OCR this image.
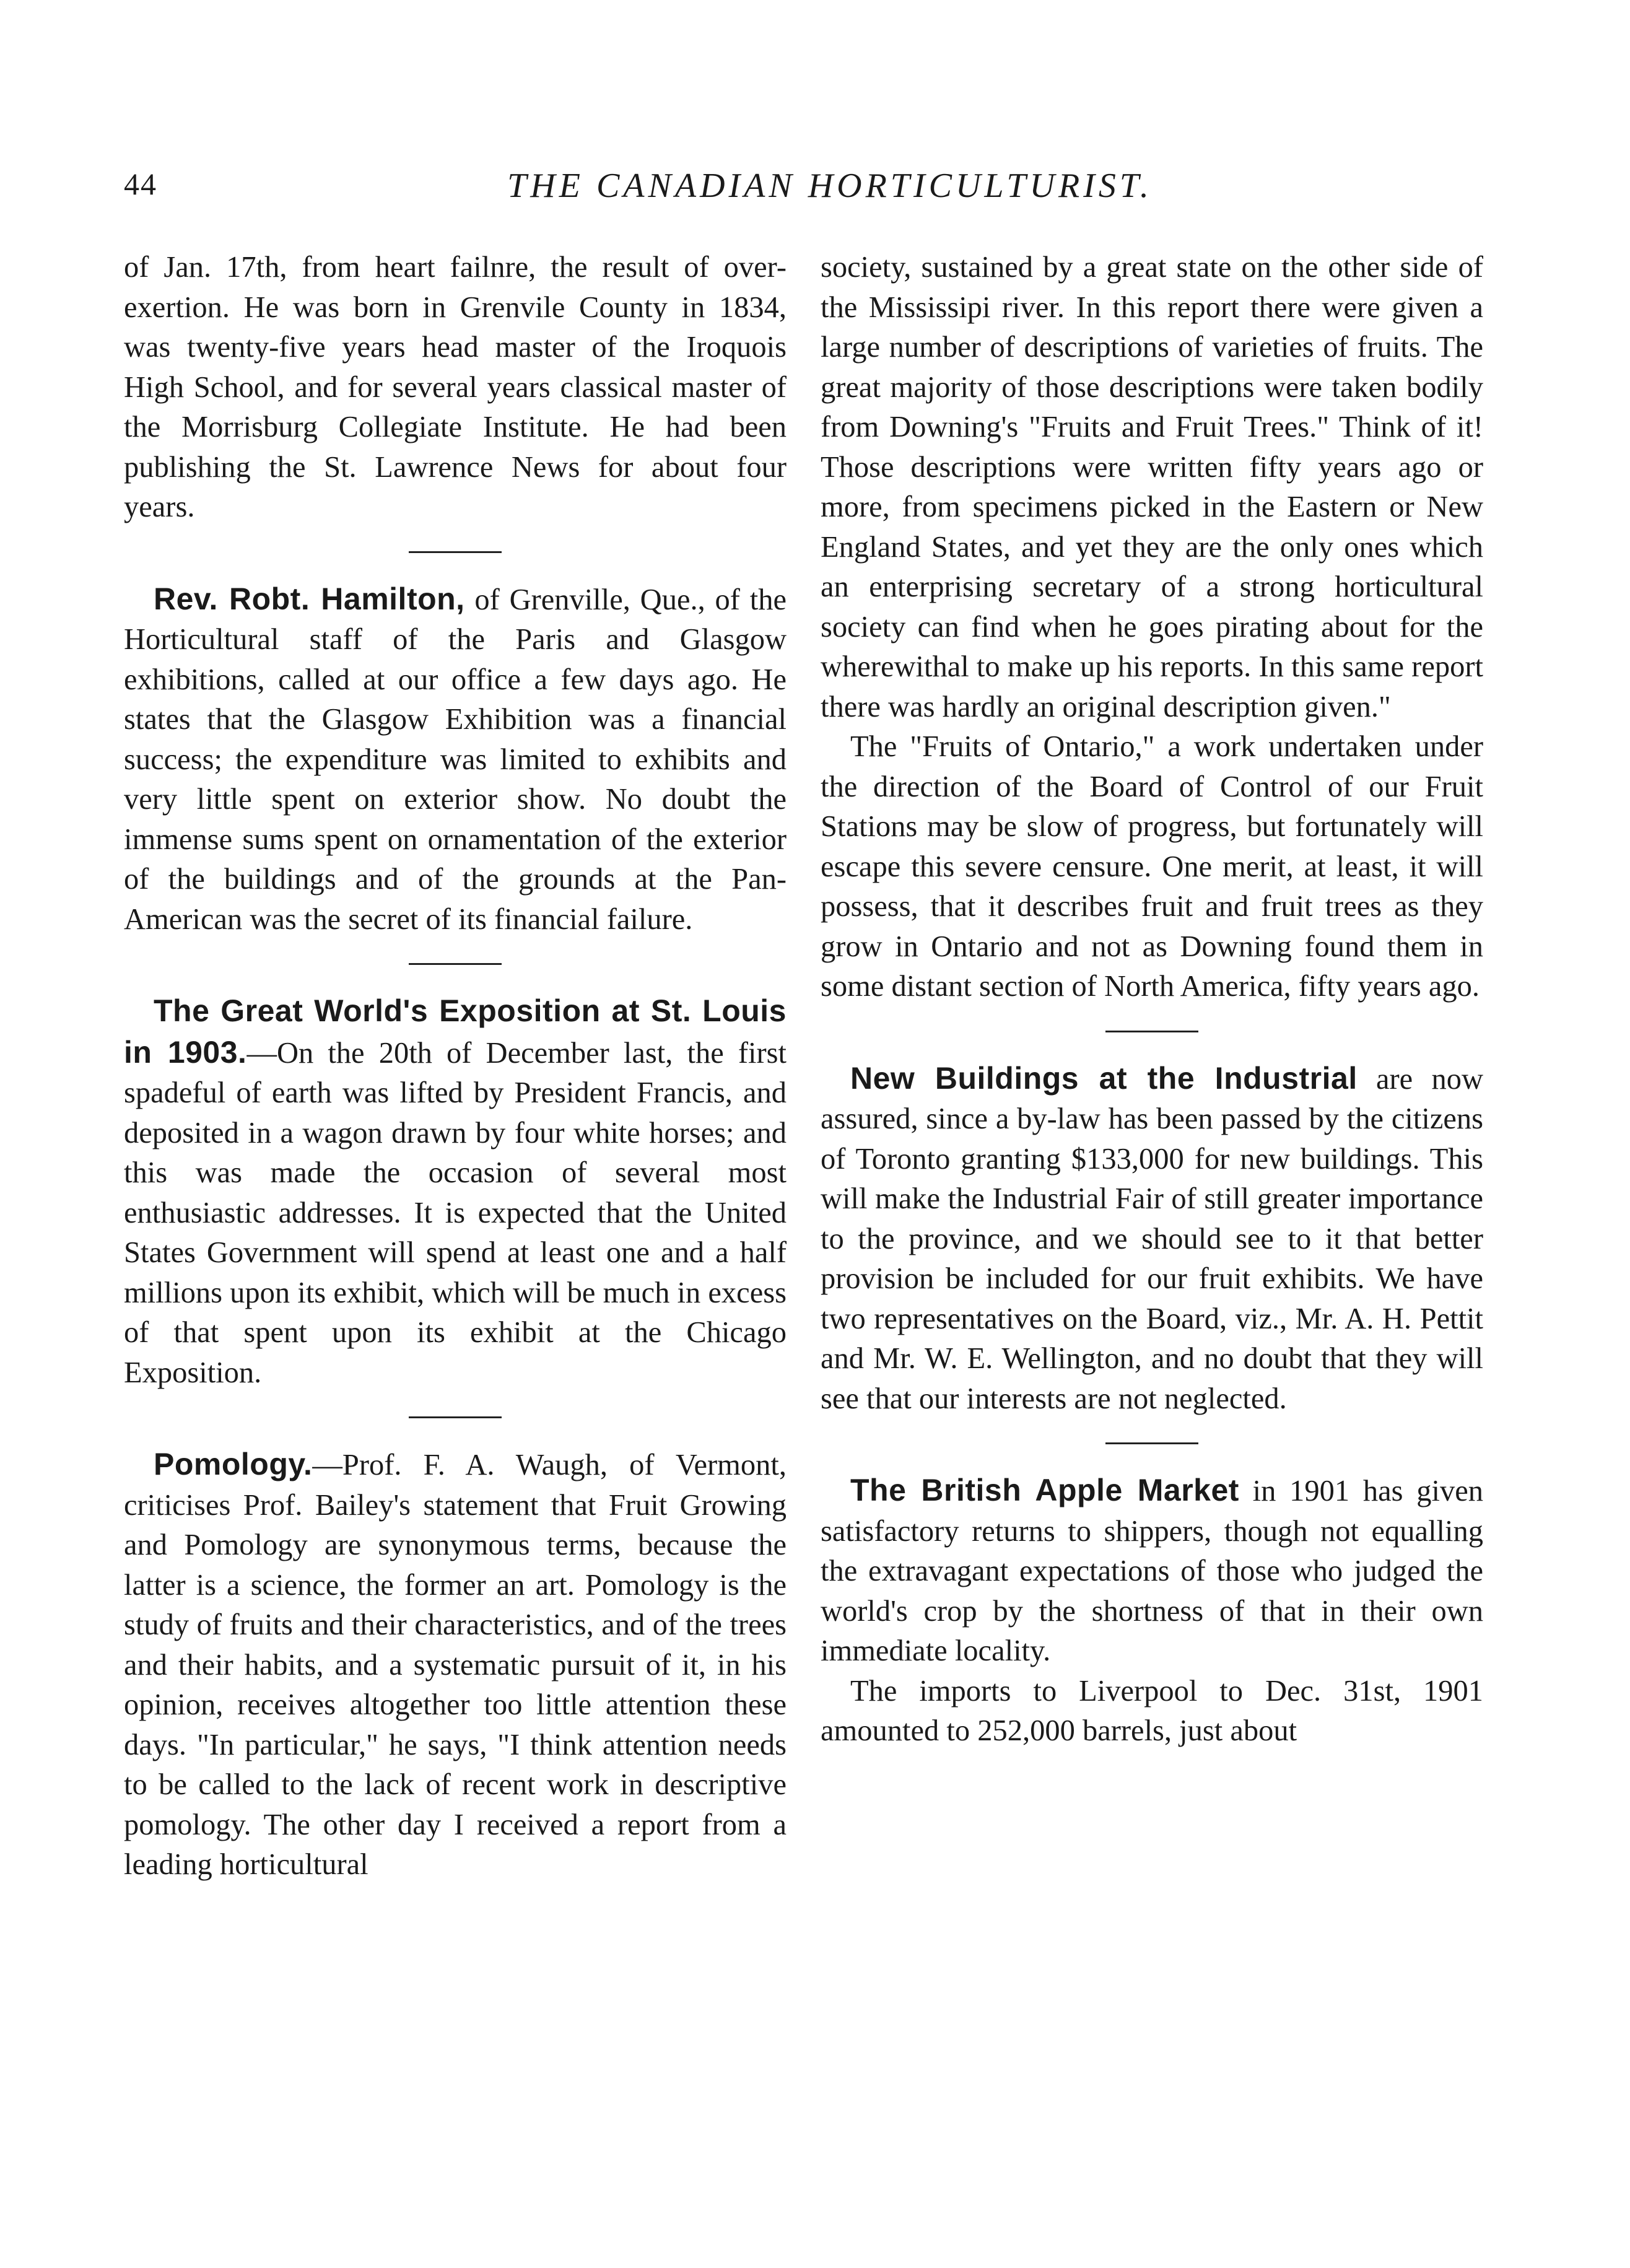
44	THE CANADIAN HORTICULTURIST.

of Jan. 17th, from heart failnre, the result of over-exertion. He was born in Grenvile County in 1834, was twenty-five years head master of the Iroquois High School, and for several years classical master of the Morrisburg Collegiate Institute. He had been publishing the St. Lawrence News for about four years.

Rev. Robt. Hamilton, of Grenville, Que., of the Horticultural staff of the Paris and Glasgow exhibitions, called at our office a few days ago. He states that the Glasgow Exhibition was a financial success; the expenditure was limited to exhibits and very little spent on exterior show. No doubt the immense sums spent on ornamentation of the exterior of the buildings and of the grounds at the Pan-American was the secret of its financial failure.

The Great World's Exposition at St. Louis in 1903.—On the 20th of December last, the first spadeful of earth was lifted by President Francis, and deposited in a wagon drawn by four white horses; and this was made the occasion of several most enthusiastic addresses. It is expected that the United States Government will spend at least one and a half millions upon its exhibit, which will be much in excess of that spent upon its exhibit at the Chicago Exposition.

Pomology.—Prof. F. A. Waugh, of Vermont, criticises Prof. Bailey's statement that Fruit Growing and Pomology are synonymous terms, because the latter is a science, the former an art. Pomology is the study of fruits and their characteristics, and of the trees and their habits, and a systematic pursuit of it, in his opinion, receives altogether too little attention these days. "In particular," he says, "I think attention needs to be called to the lack of recent work in descriptive pomology. The other day I received a report from a leading horticultural

society, sustained by a great state on the other side of the Mississipi river. In this report there were given a large number of descriptions of varieties of fruits. The great majority of those descriptions were taken bodily from Downing's "Fruits and Fruit Trees." Think of it! Those descriptions were written fifty years ago or more, from specimens picked in the Eastern or New England States, and yet they are the only ones which an enterprising secretary of a strong horticultural society can find when he goes pirating about for the wherewithal to make up his reports. In this same report there was hardly an original description given."

The "Fruits of Ontario," a work undertaken under the direction of the Board of Control of our Fruit Stations may be slow of progress, but fortunately will escape this severe censure. One merit, at least, it will possess, that it describes fruit and fruit trees as they grow in Ontario and not as Downing found them in some distant section of North America, fifty years ago.

New Buildings at the Industrial are now assured, since a by-law has been passed by the citizens of Toronto granting $133,000 for new buildings. This will make the Industrial Fair of still greater importance to the province, and we should see to it that better provision be included for our fruit exhibits. We have two representatives on the Board, viz., Mr. A. H. Pettit and Mr. W. E. Wellington, and no doubt that they will see that our interests are not neglected.

The British Apple Market in 1901 has given satisfactory returns to shippers, though not equalling the extravagant expectations of those who judged the world's crop by the shortness of that in their own immediate locality.

The imports to Liverpool to Dec. 31st, 1901 amounted to 252,000 barrels, just about
